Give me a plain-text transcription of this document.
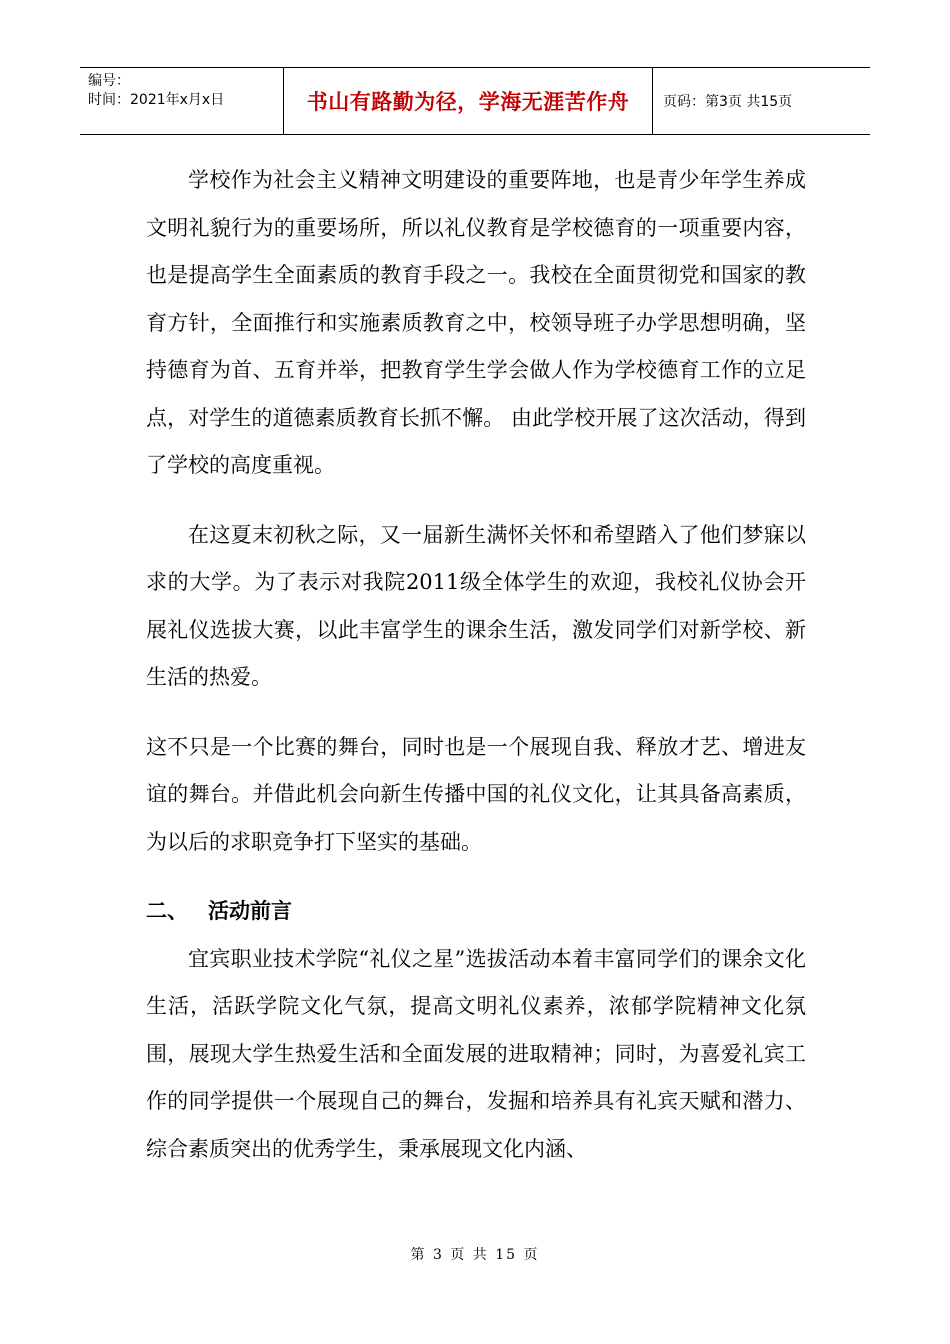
编号：
时间：2021年x月x日	书山有路勤为径，学海无涯苦作舟	页码：第3页 共15页

学校作为社会主义精神文明建设的重要阵地，也是青少年学生养成文明礼貌行为的重要场所，所以礼仪教育是学校德育的一项重要内容，也是提高学生全面素质的教育手段之一。我校在全面贯彻党和国家的教育方针，全面推行和实施素质教育之中，校领导班子办学思想明确，坚持德育为首、五育并举，把教育学生学会做人作为学校德育工作的立足点，对学生的道德素质教育长抓不懈。 由此学校开展了这次活动，得到了学校的高度重视。

在这夏末初秋之际，又一届新生满怀关怀和希望踏入了他们梦寐以求的大学。为了表示对我院2011级全体学生的欢迎，我校礼仪协会开展礼仪选拔大赛，以此丰富学生的课余生活，激发同学们对新学校、新生活的热爱。

这不只是一个比赛的舞台，同时也是一个展现自我、释放才艺、增进友谊的舞台。并借此机会向新生传播中国的礼仪文化，让其具备高素质，为以后的求职竞争打下坚实的基础。

二、 活动前言

宜宾职业技术学院“礼仪之星”选拔活动本着丰富同学们的课余文化生活，活跃学院文化气氛，提高文明礼仪素养，浓郁学院精神文化氛围，展现大学生热爱生活和全面发展的进取精神；同时，为喜爱礼宾工作的同学提供一个展现自己的舞台，发掘和培养具有礼宾天赋和潜力、综合素质突出的优秀学生，秉承展现文化内涵、

第 3 页 共 15 页
